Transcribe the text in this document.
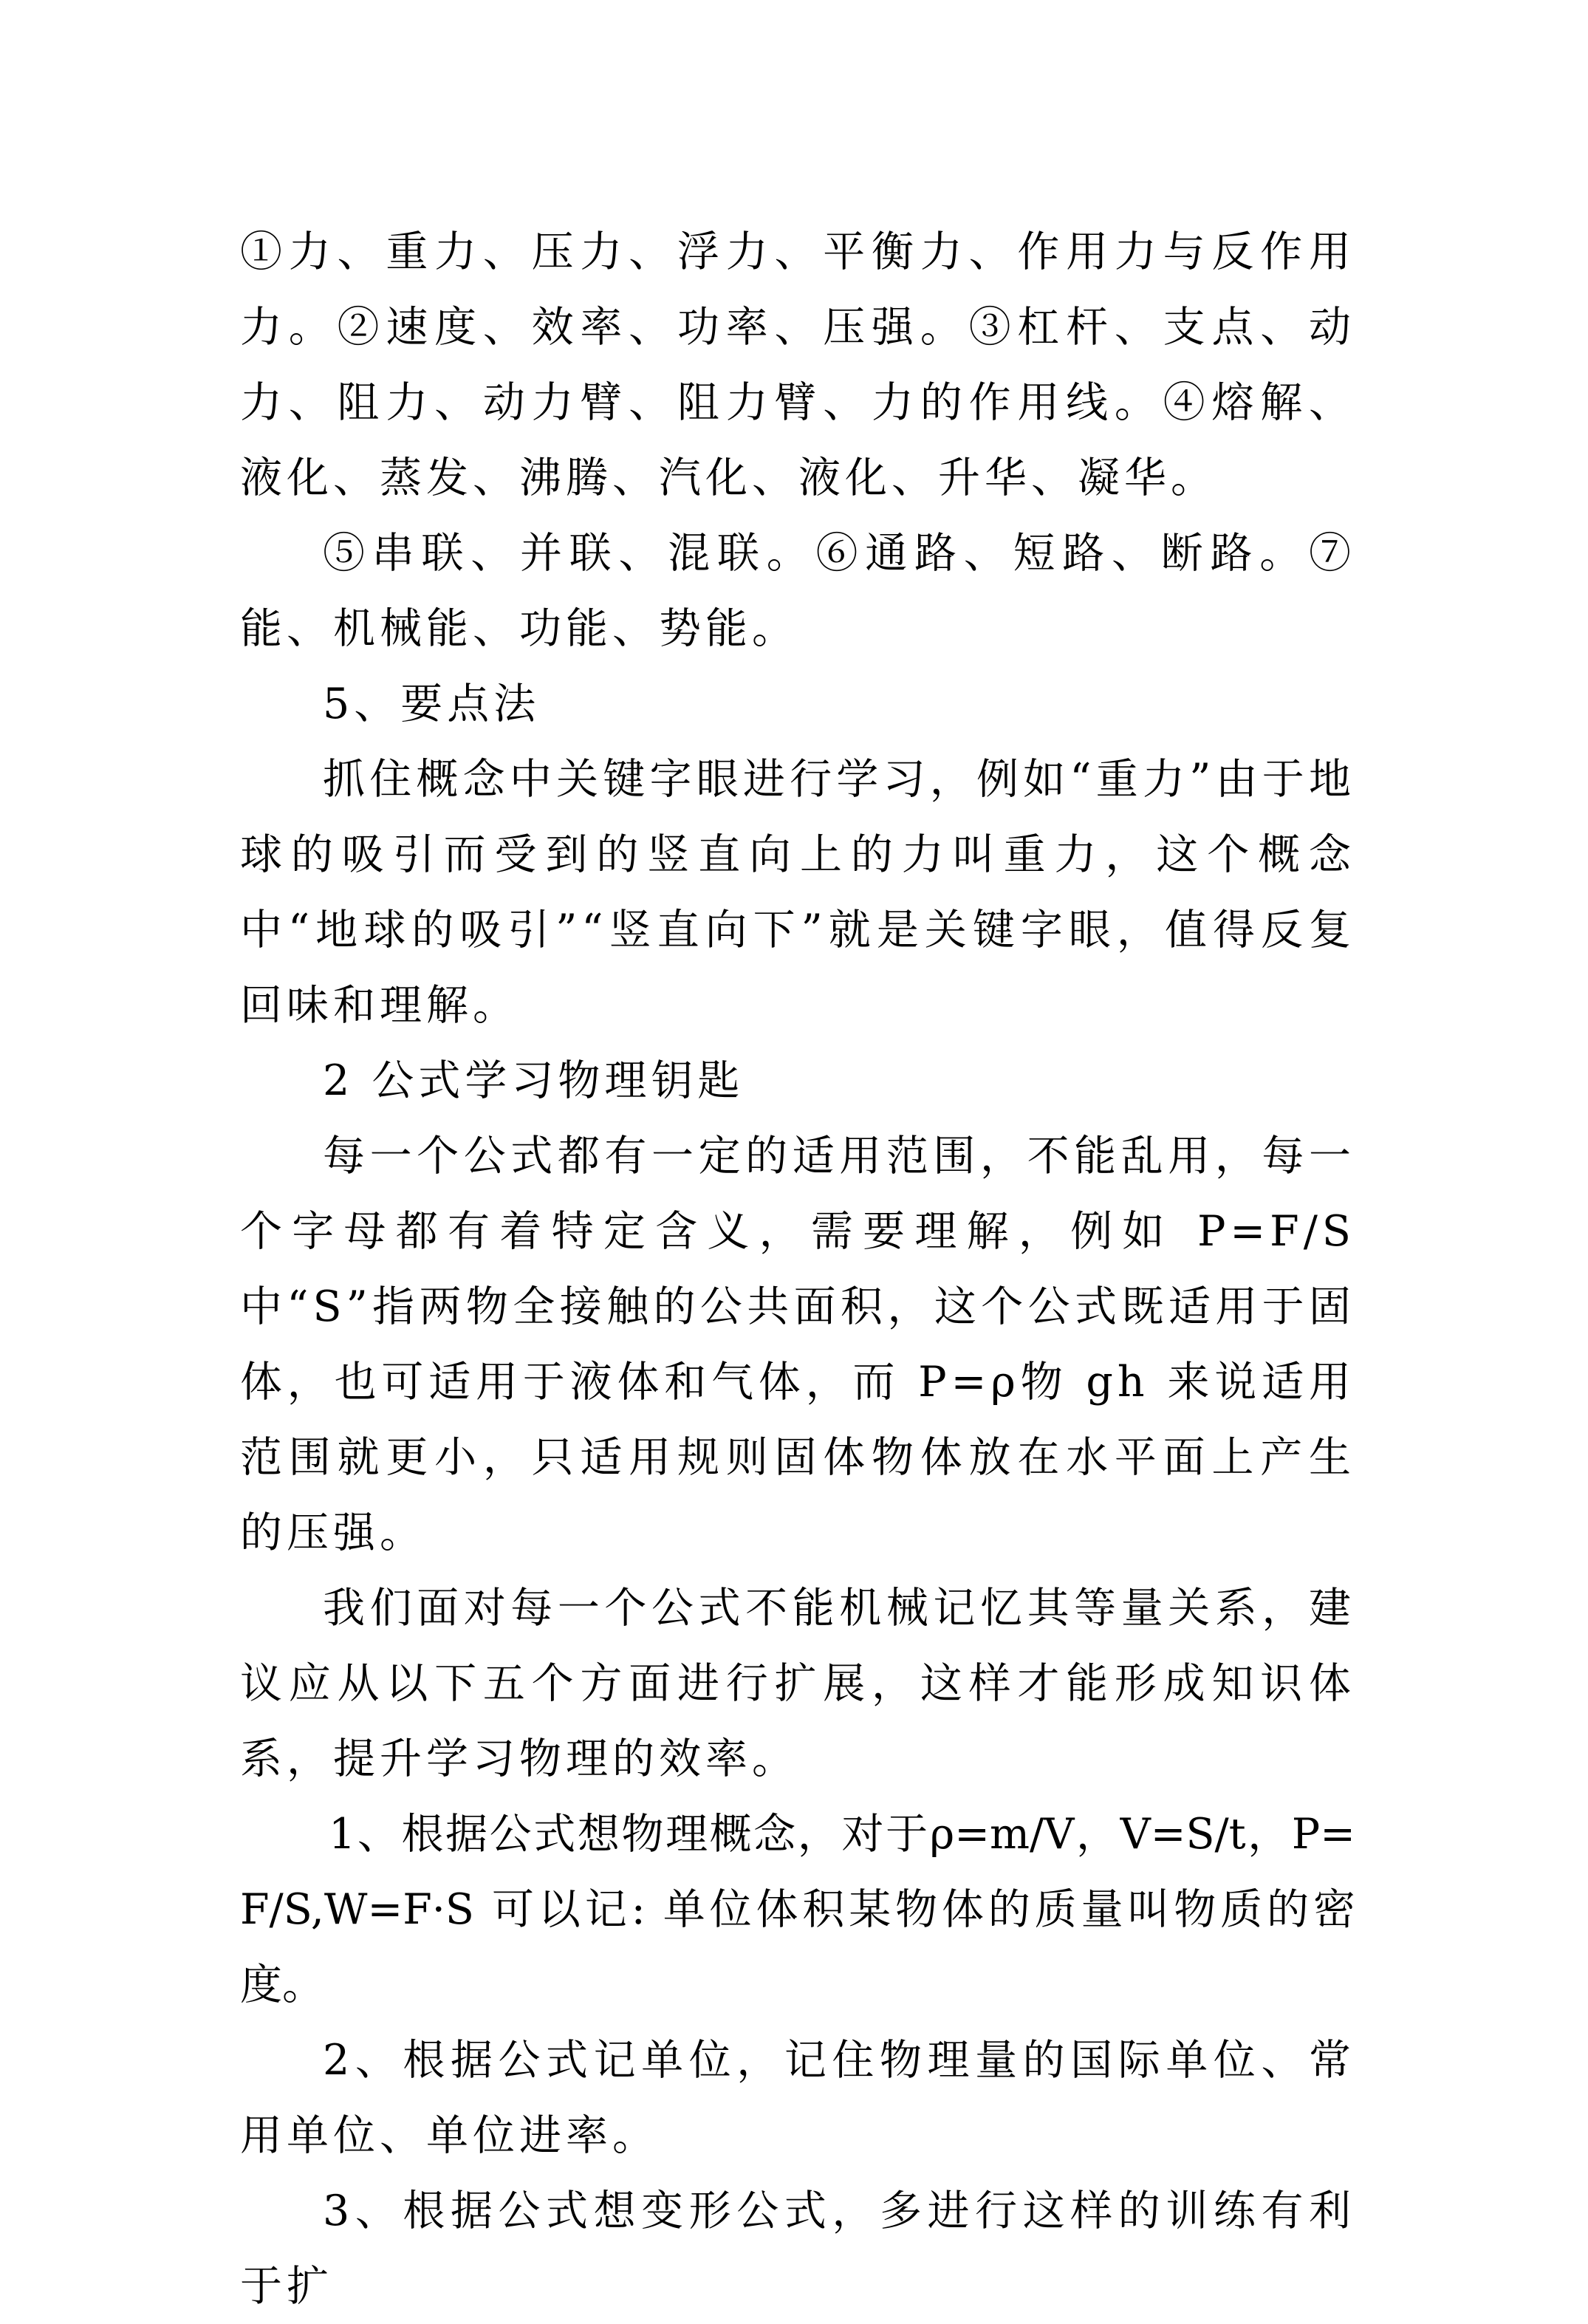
①力、重力、压力、浮力、平衡力、作用力与反作用力。②速度、效率、功率、压强。③杠杆、支点、动力、阻力、动力臂、阻力臂、力的作用线。④熔解、液化、蒸发、沸腾、汽化、液化、升华、凝华。

⑤串联、并联、混联。⑥通路、短路、断路。⑦能、机械能、功能、势能。

5、要点法

抓住概念中关键字眼进行学习，例如“重力”由于地球的吸引而受到的竖直向上的力叫重力，这个概念中“地球的吸引”“竖直向下”就是关键字眼，值得反复回味和理解。

2 公式学习物理钥匙

每一个公式都有一定的适用范围，不能乱用，每一个字母都有着特定含义，需要理解，例如 P=F/S 中“S”指两物全接触的公共面积，这个公式既适用于固体，也可适用于液体和气体，而 P=ρ物 gh 来说适用范围就更小，只适用规则固体物体放在水平面上产生的压强。

我们面对每一个公式不能机械记忆其等量关系，建议应从以下五个方面进行扩展，这样才能形成知识体系，提升学习物理的效率。

1、根据公式想物理概念，对于ρ=m/V，V=S/t，P=F/S,W=F·S 可以记: 单位体积某物体的质量叫物质的密度。

2、根据公式记单位，记住物理量的国际单位、常用单位、单位进率。

3、根据公式想变形公式，多进行这样的训练有利于扩
